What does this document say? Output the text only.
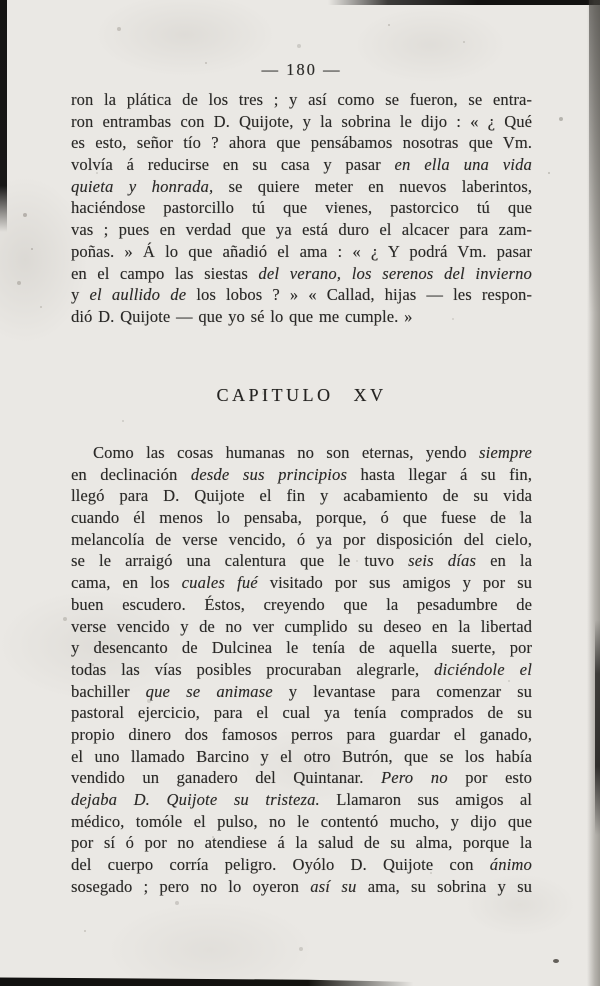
— 180 —
ron la plática de los tres ; y así como se fueron, se entra-
ron entrambas con D. Quijote, y la sobrina le dijo : « ¿ Qué
es esto, señor tío ? ahora que pensábamos nosotras que Vm.
volvía á reducirse en su casa y pasar en ella una vida
quieta y honrada, se quiere meter en nuevos laberintos,
haciéndose pastorcillo tú que vienes, pastorcico tú que
vas ; pues en verdad que ya está duro el alcacer para zam-
poñas. » Á lo que añadió el ama : « ¿ Y podrá Vm. pasar
en el campo las siestas del verano, los serenos del invierno
y el aullido de los lobos ? » « Callad, hijas — les respon-
dió D. Quijote — que yo sé lo que me cumple. »
CAPITULO XV
Como las cosas humanas no son eternas, yendo siempre
en declinación desde sus principios hasta llegar á su fin,
llegó para D. Quijote el fin y acabamiento de su vida
cuando él menos lo pensaba, porque, ó que fuese de la
melancolía de verse vencido, ó ya por disposición del cielo,
se le arraigó una calentura que le tuvo seis días en la
cama, en los cuales fué visitado por sus amigos y por su
buen escudero. Éstos, creyendo que la pesadumbre de
verse vencido y de no ver cumplido su deseo en la libertad
y desencanto de Dulcinea le tenía de aquella suerte, por
todas las vías posibles procuraban alegrarle, diciéndole el
bachiller que se animase y levantase para comenzar su
pastoral ejercicio, para el cual ya tenía comprados de su
propio dinero dos famosos perros para guardar el ganado,
el uno llamado Barcino y el otro Butrón, que se los había
vendido un ganadero del Quintanar. Pero no por esto
dejaba D. Quijote su tristeza. Llamaron sus amigos al
médico, tomóle el pulso, no le contentó mucho, y dijo que
por sí ó por no atendiese á la salud de su alma, porque la
del cuerpo corría peligro. Oyólo D. Quijote con ánimo
sosegado ; pero no lo oyeron así su ama, su sobrina y su
